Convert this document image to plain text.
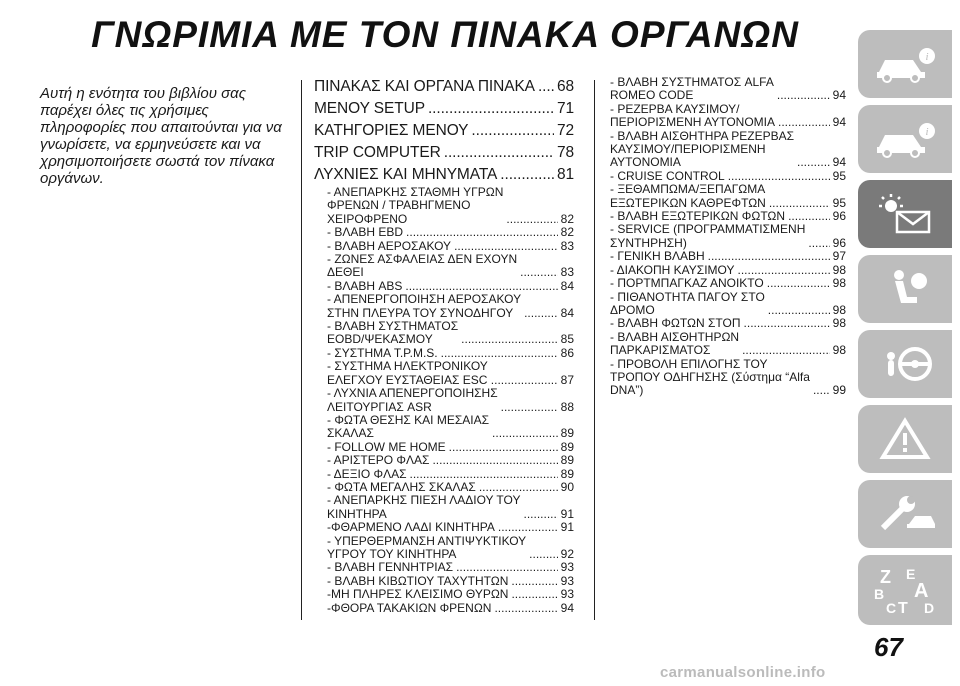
ΓΝΩΡΙΜΙΑ ΜΕ ΤΟΝ ΠΙΝΑΚΑ ΟΡΓΑΝΩΝ
Αυτή η ενότητα του βιβλίου σας
παρέχει όλες τις χρήσιμες
πληροφορίες που απαιτούνται για να
γνωρίσετε, να ερμηνεύσετε και να
χρησιμοποιήσετε σωστά τον πίνακα
οργάνων.
ΠΙΝΑΚΑΣ ΚΑΙ ΟΡΓΑΝΑ ΠΙΝΑΚΑ ..... 68
ΜΕΝΟΥ SETUP .....	71
ΚΑΤΗΓΟΡΙΕΣ ΜΕΝΟΥ .....	72
TRIP COMPUTER .....	78
ΛΥΧΝΙΕΣ ΚΑΙ ΜΗΝΥΜΑΤΑ .....	81
- ΑΝΕΠΑΡΚΗΣ ΣΤΑΘΜΗ ΥΓΡΩΝ
ΦΡΕΝΩΝ / ΤΡΑΒΗΓΜΕΝΟ
ΧΕΙΡΟΦΡΕΝΟ .....	82
- ΒΛΑΒΗ EBD .....	82
- ΒΛΑΒΗ ΑΕΡΟΣΑΚΟΥ .....	83
- ΖΩΝΕΣ ΑΣΦΑΛΕΙΑΣ ΔΕΝ ΕΧΟΥΝ
ΔΕΘΕΙ .....	83
- ΒΛΑΒΗ ABS .....	84
- ΑΠΕΝΕΡΓΟΠΟΙΗΣΗ ΑΕΡΟΣΑΚΟΥ
ΣΤΗΝ ΠΛΕΥΡΑ ΤΟΥ ΣΥΝΟΔΗΓΟΥ .....	84
- ΒΛΑΒΗ ΣΥΣΤΗΜΑΤΟΣ
EOBD/ΨΕΚΑΣΜΟΥ .....	85
- ΣΥΣΤΗΜΑ T.P.M.S. .....	86
- ΣΥΣΤΗΜΑ ΗΛΕΚΤΡΟΝΙΚΟΥ
ΕΛΕΓΧΟΥ ΕΥΣΤΑΘΕΙΑΣ ESC .....	87
- ΛΥΧΝΙΑ ΑΠΕΝΕΡΓΟΠΟΙΗΣΗΣ
ΛΕΙΤΟΥΡΓΙΑΣ ASR .....	88
- ΦΩΤΑ ΘΕΣΗΣ ΚΑΙ ΜΕΣΑΙΑΣ
ΣΚΑΛΑΣ .....	89
- FOLLOW ME HOME .....	89
- ΑΡΙΣΤΕΡΟ ΦΛΑΣ .....	89
- ΔΕΞΙΟ ΦΛΑΣ .....	89
- ΦΩΤΑ ΜΕΓΑΛΗΣ ΣΚΑΛΑΣ .....	90
- ΑΝΕΠΑΡΚΗΣ ΠΙΕΣΗ ΛΑΔΙΟΥ ΤΟΥ
ΚΙΝΗΤΗΡΑ .....	91
-ΦΘΑΡΜΕΝΟ ΛΑΔΙ ΚΙΝΗΤΗΡΑ .....	91
- ΥΠΕΡΘΕΡΜΑΝΣΗ ΑΝΤΙΨΥΚΤΙΚΟΥ
ΥΓΡΟΥ ΤΟΥ ΚΙΝΗΤΗΡΑ .....	92
- ΒΛΑΒΗ ΓΕΝΝΗΤΡΙΑΣ .....	93
- ΒΛΑΒΗ ΚΙΒΩΤΙΟΥ ΤΑΧΥΤΗΤΩΝ .....	93
-ΜΗ ΠΛΗΡΕΣ ΚΛΕΙΣΙΜΟ ΘΥΡΩΝ .....	93
-ΦΘΟΡΑ ΤΑΚΑΚΙΩΝ ΦΡΕΝΩΝ .....	94
- ΒΛΑΒΗ ΣΥΣΤΗΜΑΤΟΣ ALFA
ROMEO CODE .....	94
- ΡΕΖΕΡΒΑ ΚΑΥΣΙΜΟΥ/
ΠΕΡΙΟΡΙΣΜΕΝΗ ΑΥΤΟΝΟΜΙΑ .....	94
- ΒΛΑΒΗ ΑΙΣΘΗΤΗΡΑ ΡΕΖΕΡΒΑΣ
ΚΑΥΣΙΜΟΥ/ΠΕΡΙΟΡΙΣΜΕΝΗ
ΑΥΤΟΝΟΜΙΑ .....	94
- CRUISE CONTROL .....	95
- ΞΕΘΑΜΠΩΜΑ/ΞΕΠΑΓΩΜΑ
ΕΞΩΤΕΡΙΚΩΝ ΚΑΘΡΕΦΤΩΝ .....	95
- ΒΛΑΒΗ ΕΞΩΤΕΡΙΚΩΝ ΦΩΤΩΝ .....	96
- SERVICE (ΠΡΟΓΡΑΜΜΑΤΙΣΜΕΝΗ
ΣΥΝΤΗΡΗΣΗ) .....	96
- ΓΕΝΙΚΗ ΒΛΑΒΗ .....	97
- ΔΙΑΚΟΠΗ ΚΑΥΣΙΜΟΥ .....	98
- ΠΟΡΤΜΠΑΓΚΑΖ ΑΝΟΙΚΤΟ .....	98
- ΠΙΘΑΝΟΤΗΤΑ ΠΑΓΟΥ ΣΤΟ
ΔΡΟΜΟ .....	98
- ΒΛΑΒΗ ΦΩΤΩΝ ΣΤΟΠ .....	98
- ΒΛΑΒΗ ΑΙΣΘΗΤΗΡΩΝ
ΠΑΡΚΑΡΙΣΜΑΤΟΣ .....	98
- ΠΡΟΒΟΛΗ ΕΠΙΛΟΓΗΣ ΤΟΥ
ΤΡΟΠΟΥ ΟΔΗΓΗΣΗΣ (Σύστημα “Alfa
DNA”) .....	99
i
i
Z E
B A
C T D
67
carmanualsonline.info
